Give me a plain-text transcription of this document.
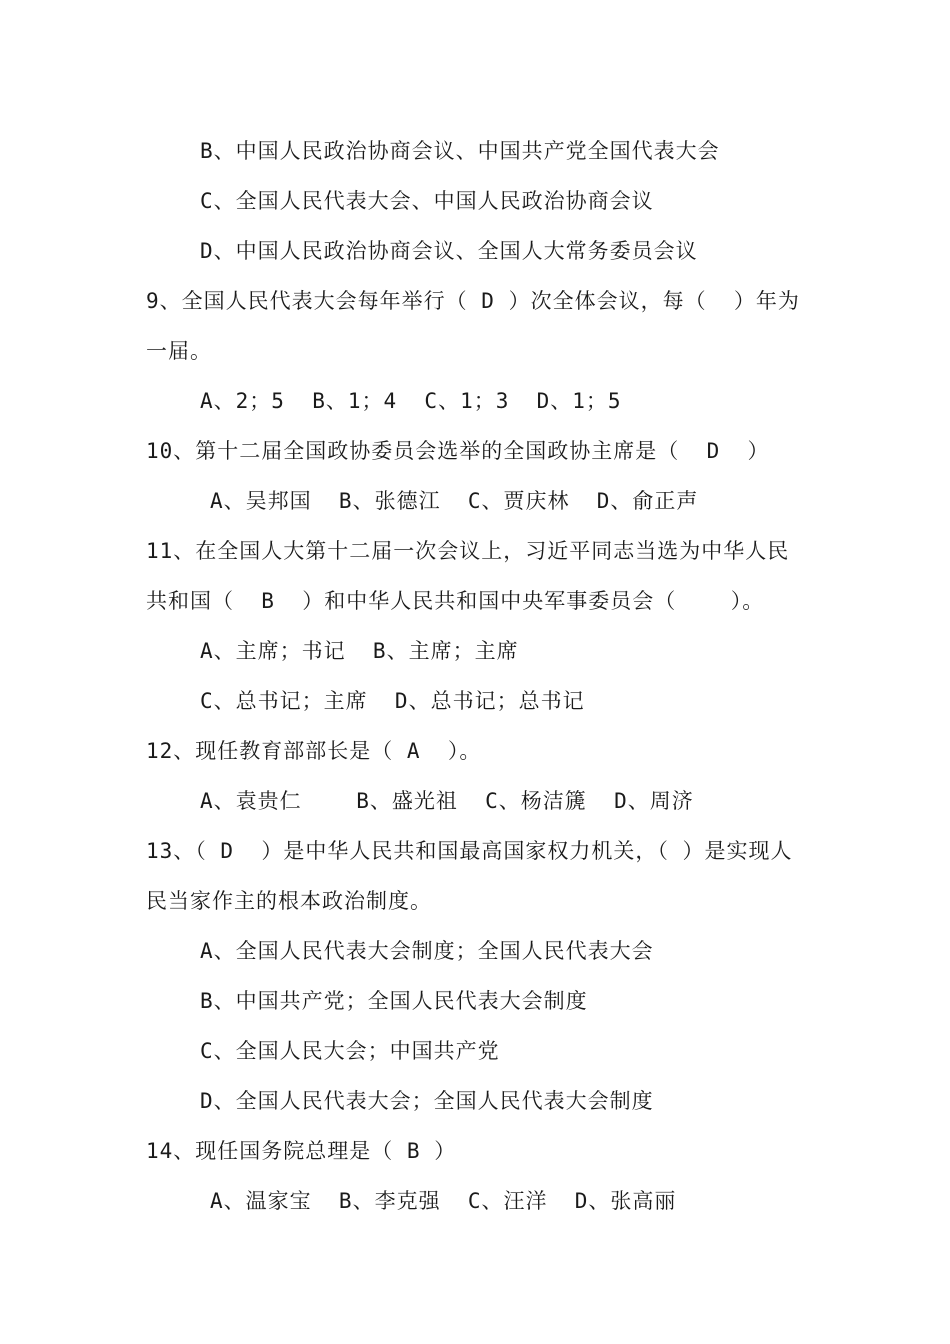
B、中国人民政治协商会议、中国共产党全国代表大会
C、全国人民代表大会、中国人民政治协商会议
D、中国人民政治协商会议、全国人大常务委员会议
9、全国人民代表大会每年举行（ D ）次全体会议，每（  ）年为
一届。
A、2；5  B、1；4  C、1；3  D、1；5
10、第十二届全国政协委员会选举的全国政协主席是（  D  ）
A、吴邦国  B、张德江  C、贾庆林  D、俞正声
11、在全国人大第十二届一次会议上，习近平同志当选为中华人民
共和国（  B  ）和中华人民共和国中央军事委员会（    ）。
A、主席；书记  B、主席；主席
C、总书记；主席  D、总书记；总书记
12、现任教育部部长是（ A  ）。
A、袁贵仁    B、盛光祖  C、杨洁篪  D、周济
13、（ D  ）是中华人民共和国最高国家权力机关，（ ）是实现人
民当家作主的根本政治制度。
A、全国人民代表大会制度；全国人民代表大会
B、中国共产党；全国人民代表大会制度
C、全国人民大会；中国共产党
D、全国人民代表大会；全国人民代表大会制度
14、现任国务院总理是（ B ）
A、温家宝  B、李克强  C、汪洋  D、张高丽
